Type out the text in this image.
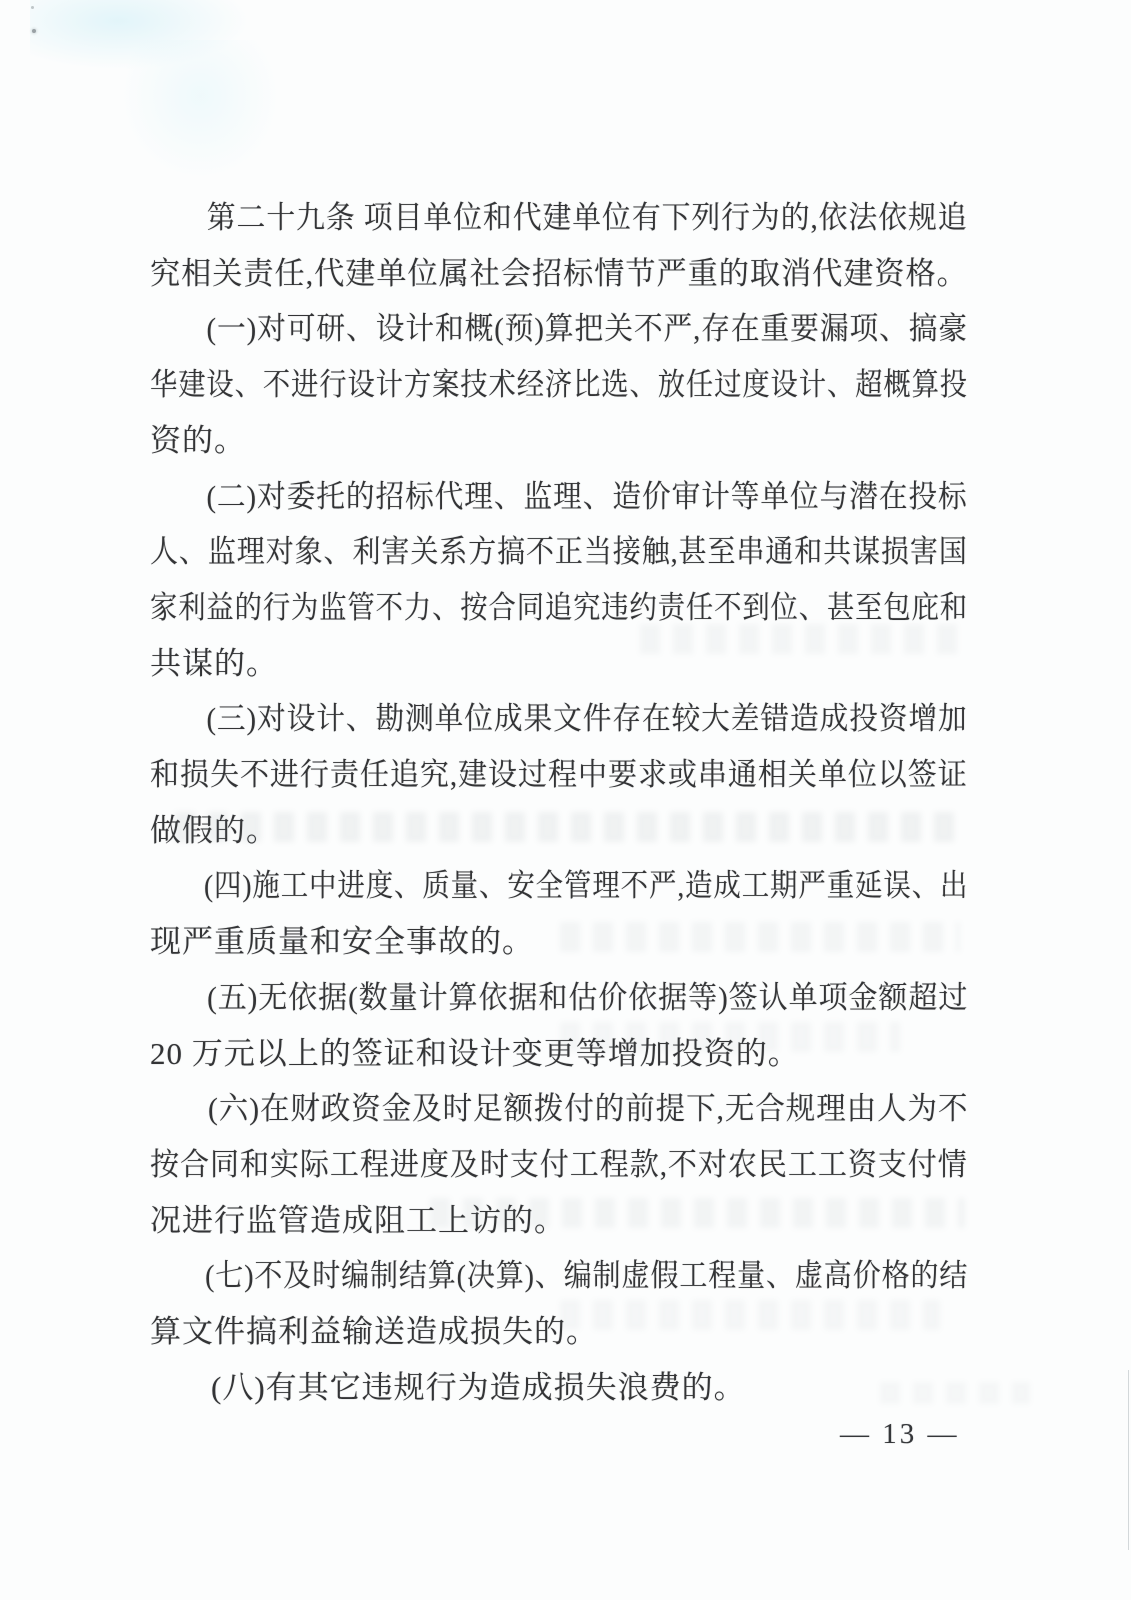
第二十九条 项目单位和代建单位有下列行为的,依法依规追
究相关责任,代建单位属社会招标情节严重的取消代建资格。
(一)对可研、设计和概(预)算把关不严,存在重要漏项、搞豪
华建设、不进行设计方案技术经济比选、放任过度设计、超概算投
资的。
(二)对委托的招标代理、监理、造价审计等单位与潜在投标
人、监理对象、利害关系方搞不正当接触,甚至串通和共谋损害国
家利益的行为监管不力、按合同追究违约责任不到位、甚至包庇和
共谋的。
(三)对设计、勘测单位成果文件存在较大差错造成投资增加
和损失不进行责任追究,建设过程中要求或串通相关单位以签证
做假的。
(四)施工中进度、质量、安全管理不严,造成工期严重延误、出
现严重质量和安全事故的。
(五)无依据(数量计算依据和估价依据等)签认单项金额超过
20 万元以上的签证和设计变更等增加投资的。
(六)在财政资金及时足额拨付的前提下,无合规理由人为不
按合同和实际工程进度及时支付工程款,不对农民工工资支付情
况进行监管造成阻工上访的。
(七)不及时编制结算(决算)、编制虚假工程量、虚高价格的结
算文件搞利益输送造成损失的。
(八)有其它违规行为造成损失浪费的。
— 13 —
